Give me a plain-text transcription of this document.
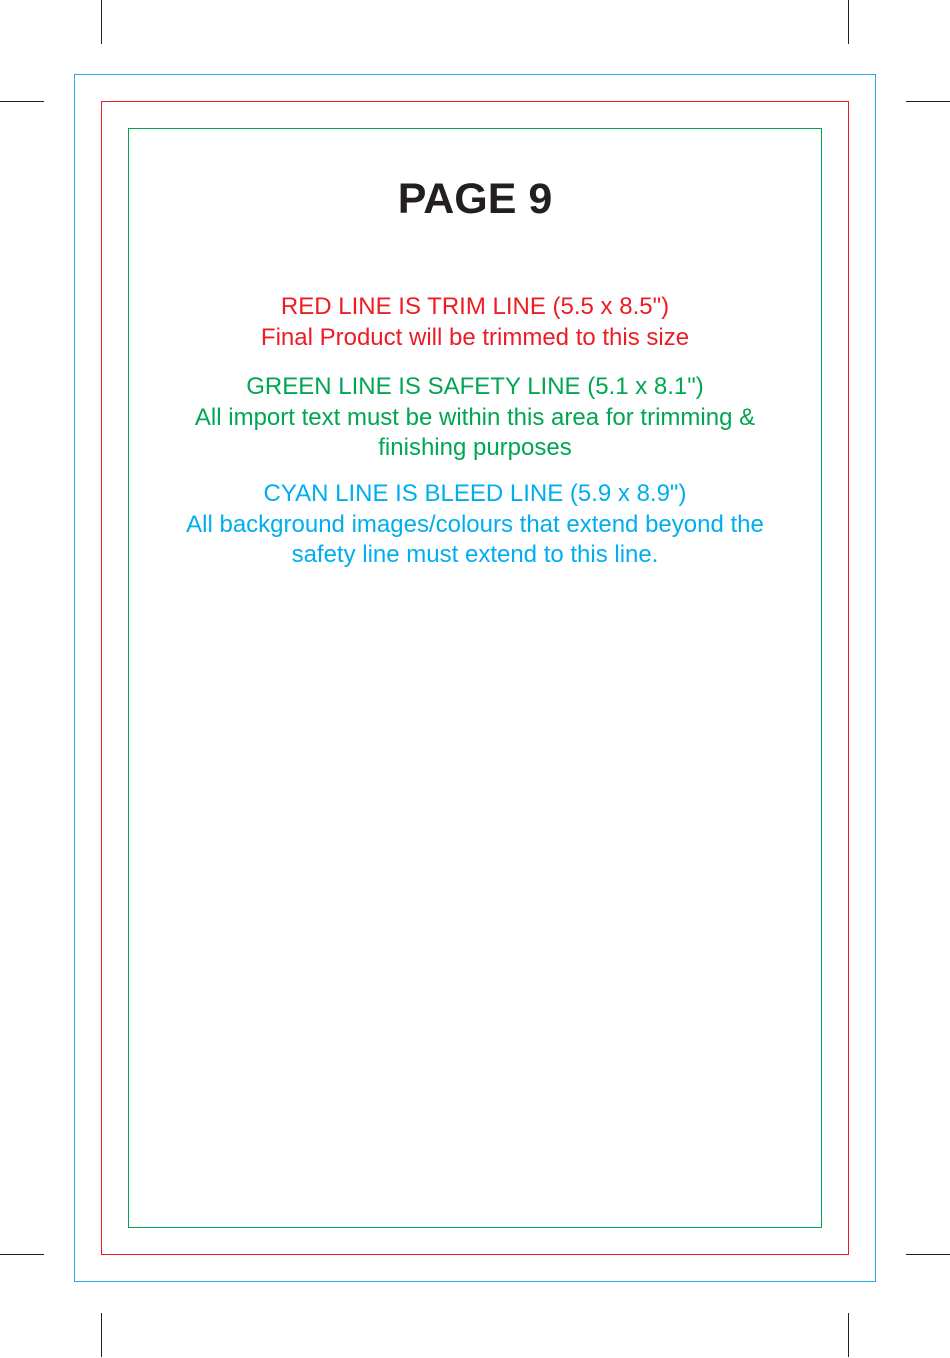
PAGE 9
RED LINE IS TRIM LINE (5.5 x 8.5")
Final Product will be trimmed to this size
GREEN LINE IS SAFETY LINE (5.1 x 8.1")
All import text must be within this area for trimming &
finishing purposes
CYAN LINE IS BLEED LINE (5.9 x 8.9")
All background images/colours that extend beyond the
safety line must extend to this line.
